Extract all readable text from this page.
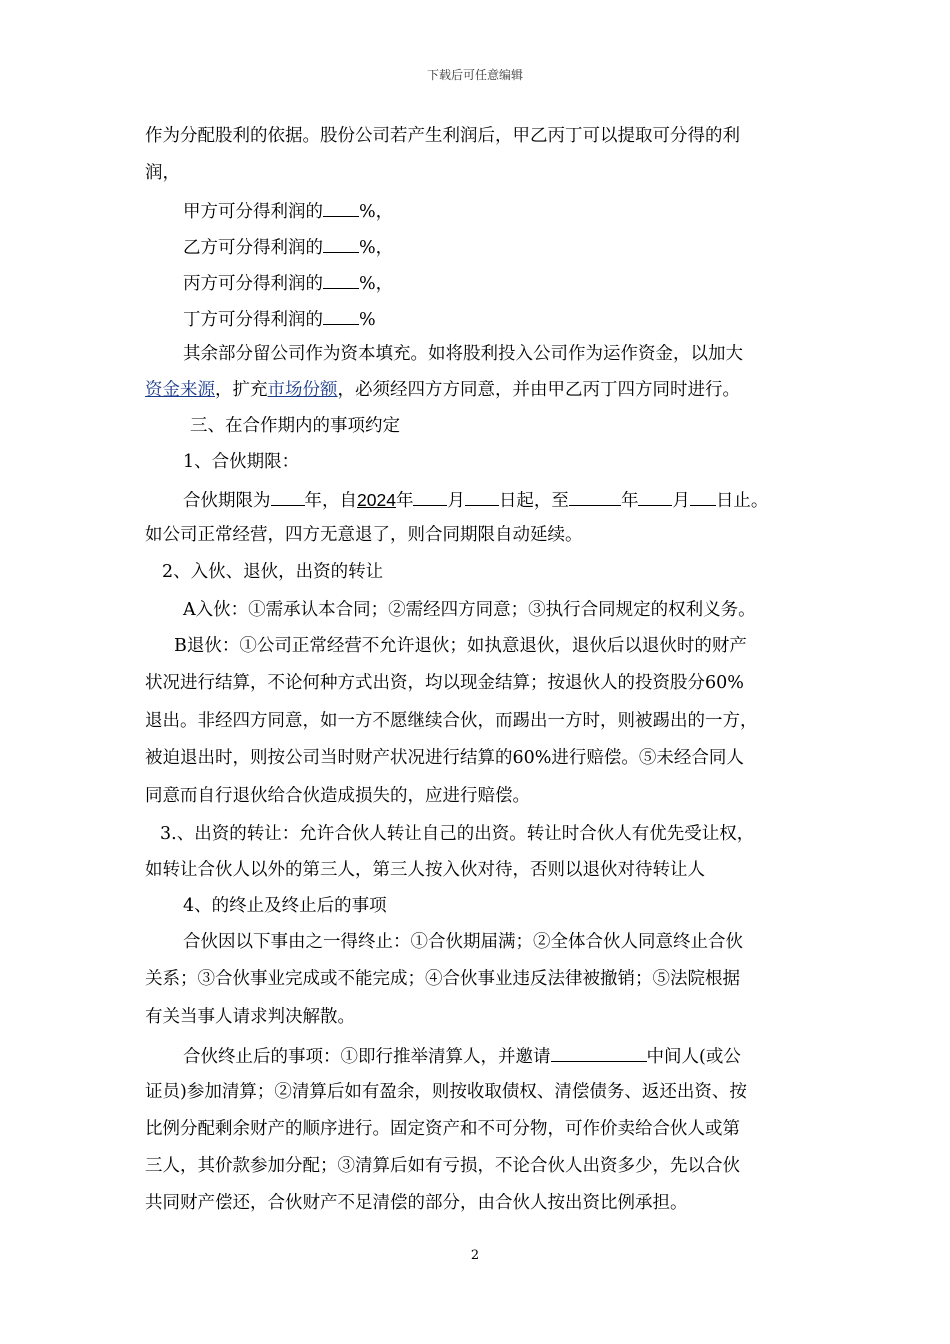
下载后可任意编辑
作为分配股利的依据。股份公司若产生利润后，甲乙丙丁可以提取可分得的利
润，
甲方可分得利润的 %，
乙方可分得利润的 %，
丙方可分得利润的 %，
丁方可分得利润的 %
其余部分留公司作为资本填充。如将股利投入公司作为运作资金，以加大
资金来源，扩充市场份额，必须经四方方同意，并由甲乙丙丁四方同时进行。
三、在合作期内的事项约定
1、合伙期限：
合伙期限为 年，自2024年 月 日起，至	年 月 日止。
如公司正常经营，四方无意退了，则合同期限自动延续。
2、入伙、退伙，出资的转让
A入伙：①需承认本合同；②需经四方同意；③执行合同规定的权利义务。
B退伙：①公司正常经营不允许退伙；如执意退伙，退伙后以退伙时的财产
状况进行结算，不论何种方式出资，均以现金结算；按退伙人的投资股分60%
退出。非经四方同意，如一方不愿继续合伙，而踢出一方时，则被踢出的一方，
被迫退出时，则按公司当时财产状况进行结算的60%进行赔偿。⑤未经合同人
同意而自行退伙给合伙造成损失的，应进行赔偿。
3.、出资的转让：允许合伙人转让自己的出资。转让时合伙人有优先受让权，
如转让合伙人以外的第三人，第三人按入伙对待，否则以退伙对待转让人
4、的终止及终止后的事项
合伙因以下事由之一得终止：①合伙期届满；②全体合伙人同意终止合伙
关系；③合伙事业完成或不能完成；④合伙事业违反法律被撤销；⑤法院根据
有关当事人请求判决解散。
合伙终止后的事项：①即行推举清算人，并邀请	中间人(或公
证员)参加清算；②清算后如有盈余，则按收取债权、清偿债务、返还出资、按
比例分配剩余财产的顺序进行。固定资产和不可分物，可作价卖给合伙人或第
三人，其价款参加分配；③清算后如有亏损，不论合伙人出资多少，先以合伙
共同财产偿还，合伙财产不足清偿的部分，由合伙人按出资比例承担。
2
